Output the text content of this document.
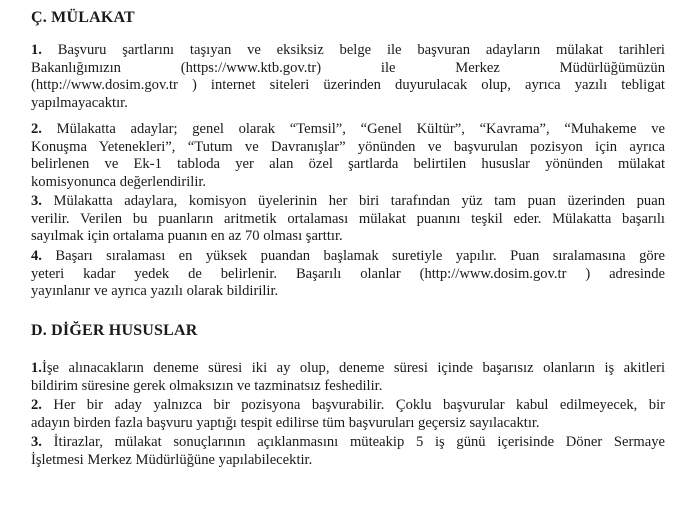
Ç. MÜLAKAT
1. Başvuru şartlarını taşıyan ve eksiksiz belge ile başvuran adayların mülakat tarihleri
Bakanlığımızın (https://www.ktb.gov.tr) ile Merkez Müdürlüğümüzün
(http://www.dosim.gov.tr ) internet siteleri üzerinden duyurulacak olup, ayrıca yazılı tebligat
yapılmayacaktır.
2. Mülakatta adaylar; genel olarak “Temsil”, “Genel Kültür”, “Kavrama”, “Muhakeme ve
Konuşma Yetenekleri”, “Tutum ve Davranışlar” yönünden ve başvurulan pozisyon için ayrıca
belirlenen ve Ek-1 tabloda yer alan özel şartlarda belirtilen hususlar yönünden mülakat
komisyonunca değerlendirilir.
3. Mülakatta adaylara, komisyon üyelerinin her biri tarafından yüz tam puan üzerinden puan
verilir. Verilen bu puanların aritmetik ortalaması mülakat puanını teşkil eder. Mülakatta başarılı
sayılmak için ortalama puanın en az 70 olması şarttır.
4. Başarı sıralaması en yüksek puandan başlamak suretiyle yapılır. Puan sıralamasına göre
yeteri kadar yedek de belirlenir. Başarılı olanlar (http://www.dosim.gov.tr ) adresinde
yayınlanır ve ayrıca yazılı olarak bildirilir.
D. DİĞER HUSUSLAR
1.İşe alınacakların deneme süresi iki ay olup, deneme süresi içinde başarısız olanların iş akitleri
bildirim süresine gerek olmaksızın ve tazminatsız feshedilir.
2. Her bir aday yalnızca bir pozisyona başvurabilir. Çoklu başvurular kabul edilmeyecek, bir
adayın birden fazla başvuru yaptığı tespit edilirse tüm başvuruları geçersiz sayılacaktır.
3. İtirazlar, mülakat sonuçlarının açıklanmasını müteakip 5 iş günü içerisinde Döner Sermaye
İşletmesi Merkez Müdürlüğüne yapılabilecektir.
